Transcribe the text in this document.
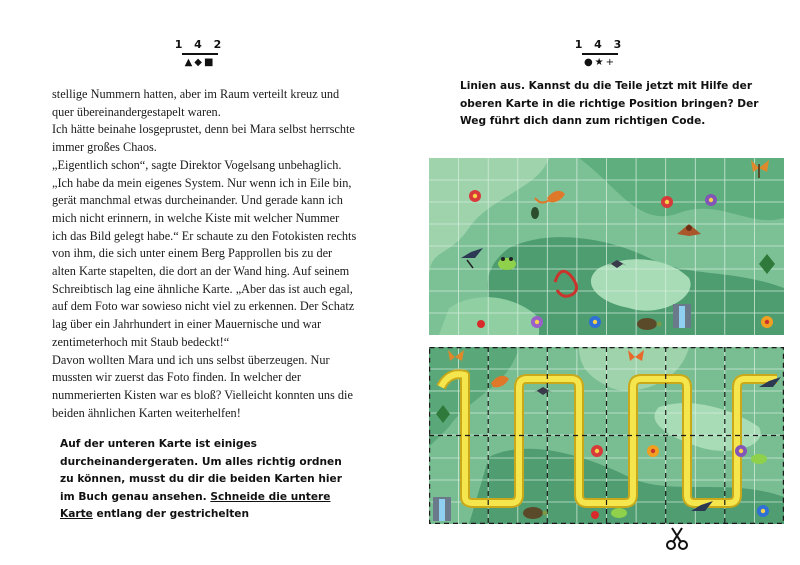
1 4 2
▲◆■

stellige Nummern hatten, aber im Raum verteilt kreuz und quer übereinandergestapelt waren.

Ich hätte beinahe losgeprustet, denn bei Mara selbst herrschte immer großes Chaos.

„Eigentlich schon“, sagte Direktor Vogelsang unbehaglich. „Ich habe da mein eigenes System. Nur wenn ich in Eile bin, gerät manchmal etwas durcheinander. Und gerade kann ich mich nicht erinnern, in welche Kiste mit welcher Nummer ich das Bild gelegt habe.“ Er schaute zu den Fotokisten rechts von ihm, die sich unter einem Berg Papprollen bis zu der alten Karte stapelten, die dort an der Wand hing. Auf seinem Schreibtisch lag eine ähnliche Karte. „Aber das ist auch egal, auf dem Foto war sowieso nicht viel zu erkennen. Der Schatz lag über ein Jahrhundert in einer Mauernische und war zentimeterhoch mit Staub bedeckt!“

Davon wollten Mara und ich uns selbst überzeugen. Nur mussten wir zuerst das Foto finden. In welcher der nummerierten Kisten war es bloß? Vielleicht konnten uns die beiden ähnlichen Karten weiterhelfen!

Auf der unteren Karte ist einiges durcheinandergeraten. Um alles richtig ordnen zu können, musst du dir die beiden Karten hier im Buch genau ansehen. Schneide die untere Karte entlang der gestrichelten
1 4 3
●★+
Linien aus. Kannst du die Teile jetzt mit Hilfe der oberen Karte in die richtige Position bringen? Der Weg führt dich dann zum richtigen Code.
